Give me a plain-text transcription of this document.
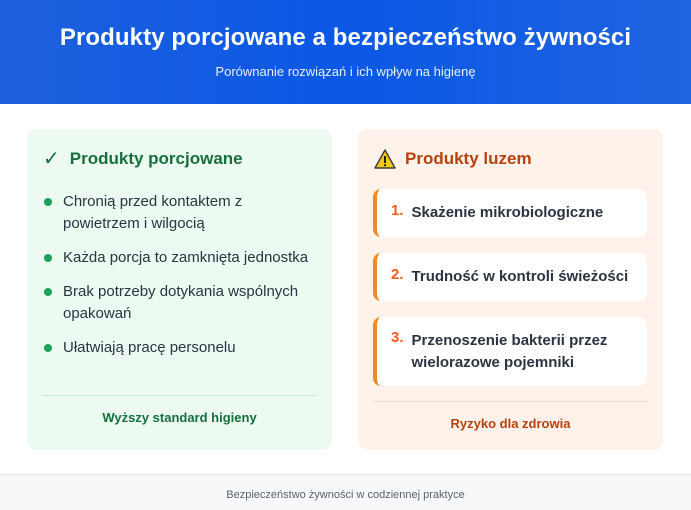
Produkty porcjowane a bezpieczeństwo żywności
Porównanie rozwiązań i ich wpływ na higienę
✓ Produkty porcjowane
Chronią przed kontaktem z powietrzem i wilgocią
Każda porcja to zamknięta jednostka
Brak potrzeby dotykania wspólnych opakowań
Ułatwiają pracę personelu
Wyższy standard higieny
Produkty luzem
1. Skażenie mikrobiologiczne
2. Trudność w kontroli świeżości
3. Przenoszenie bakterii przez wielorazowe pojemniki
Ryzyko dla zdrowia
Bezpieczeństwo żywności w codziennej praktyce
